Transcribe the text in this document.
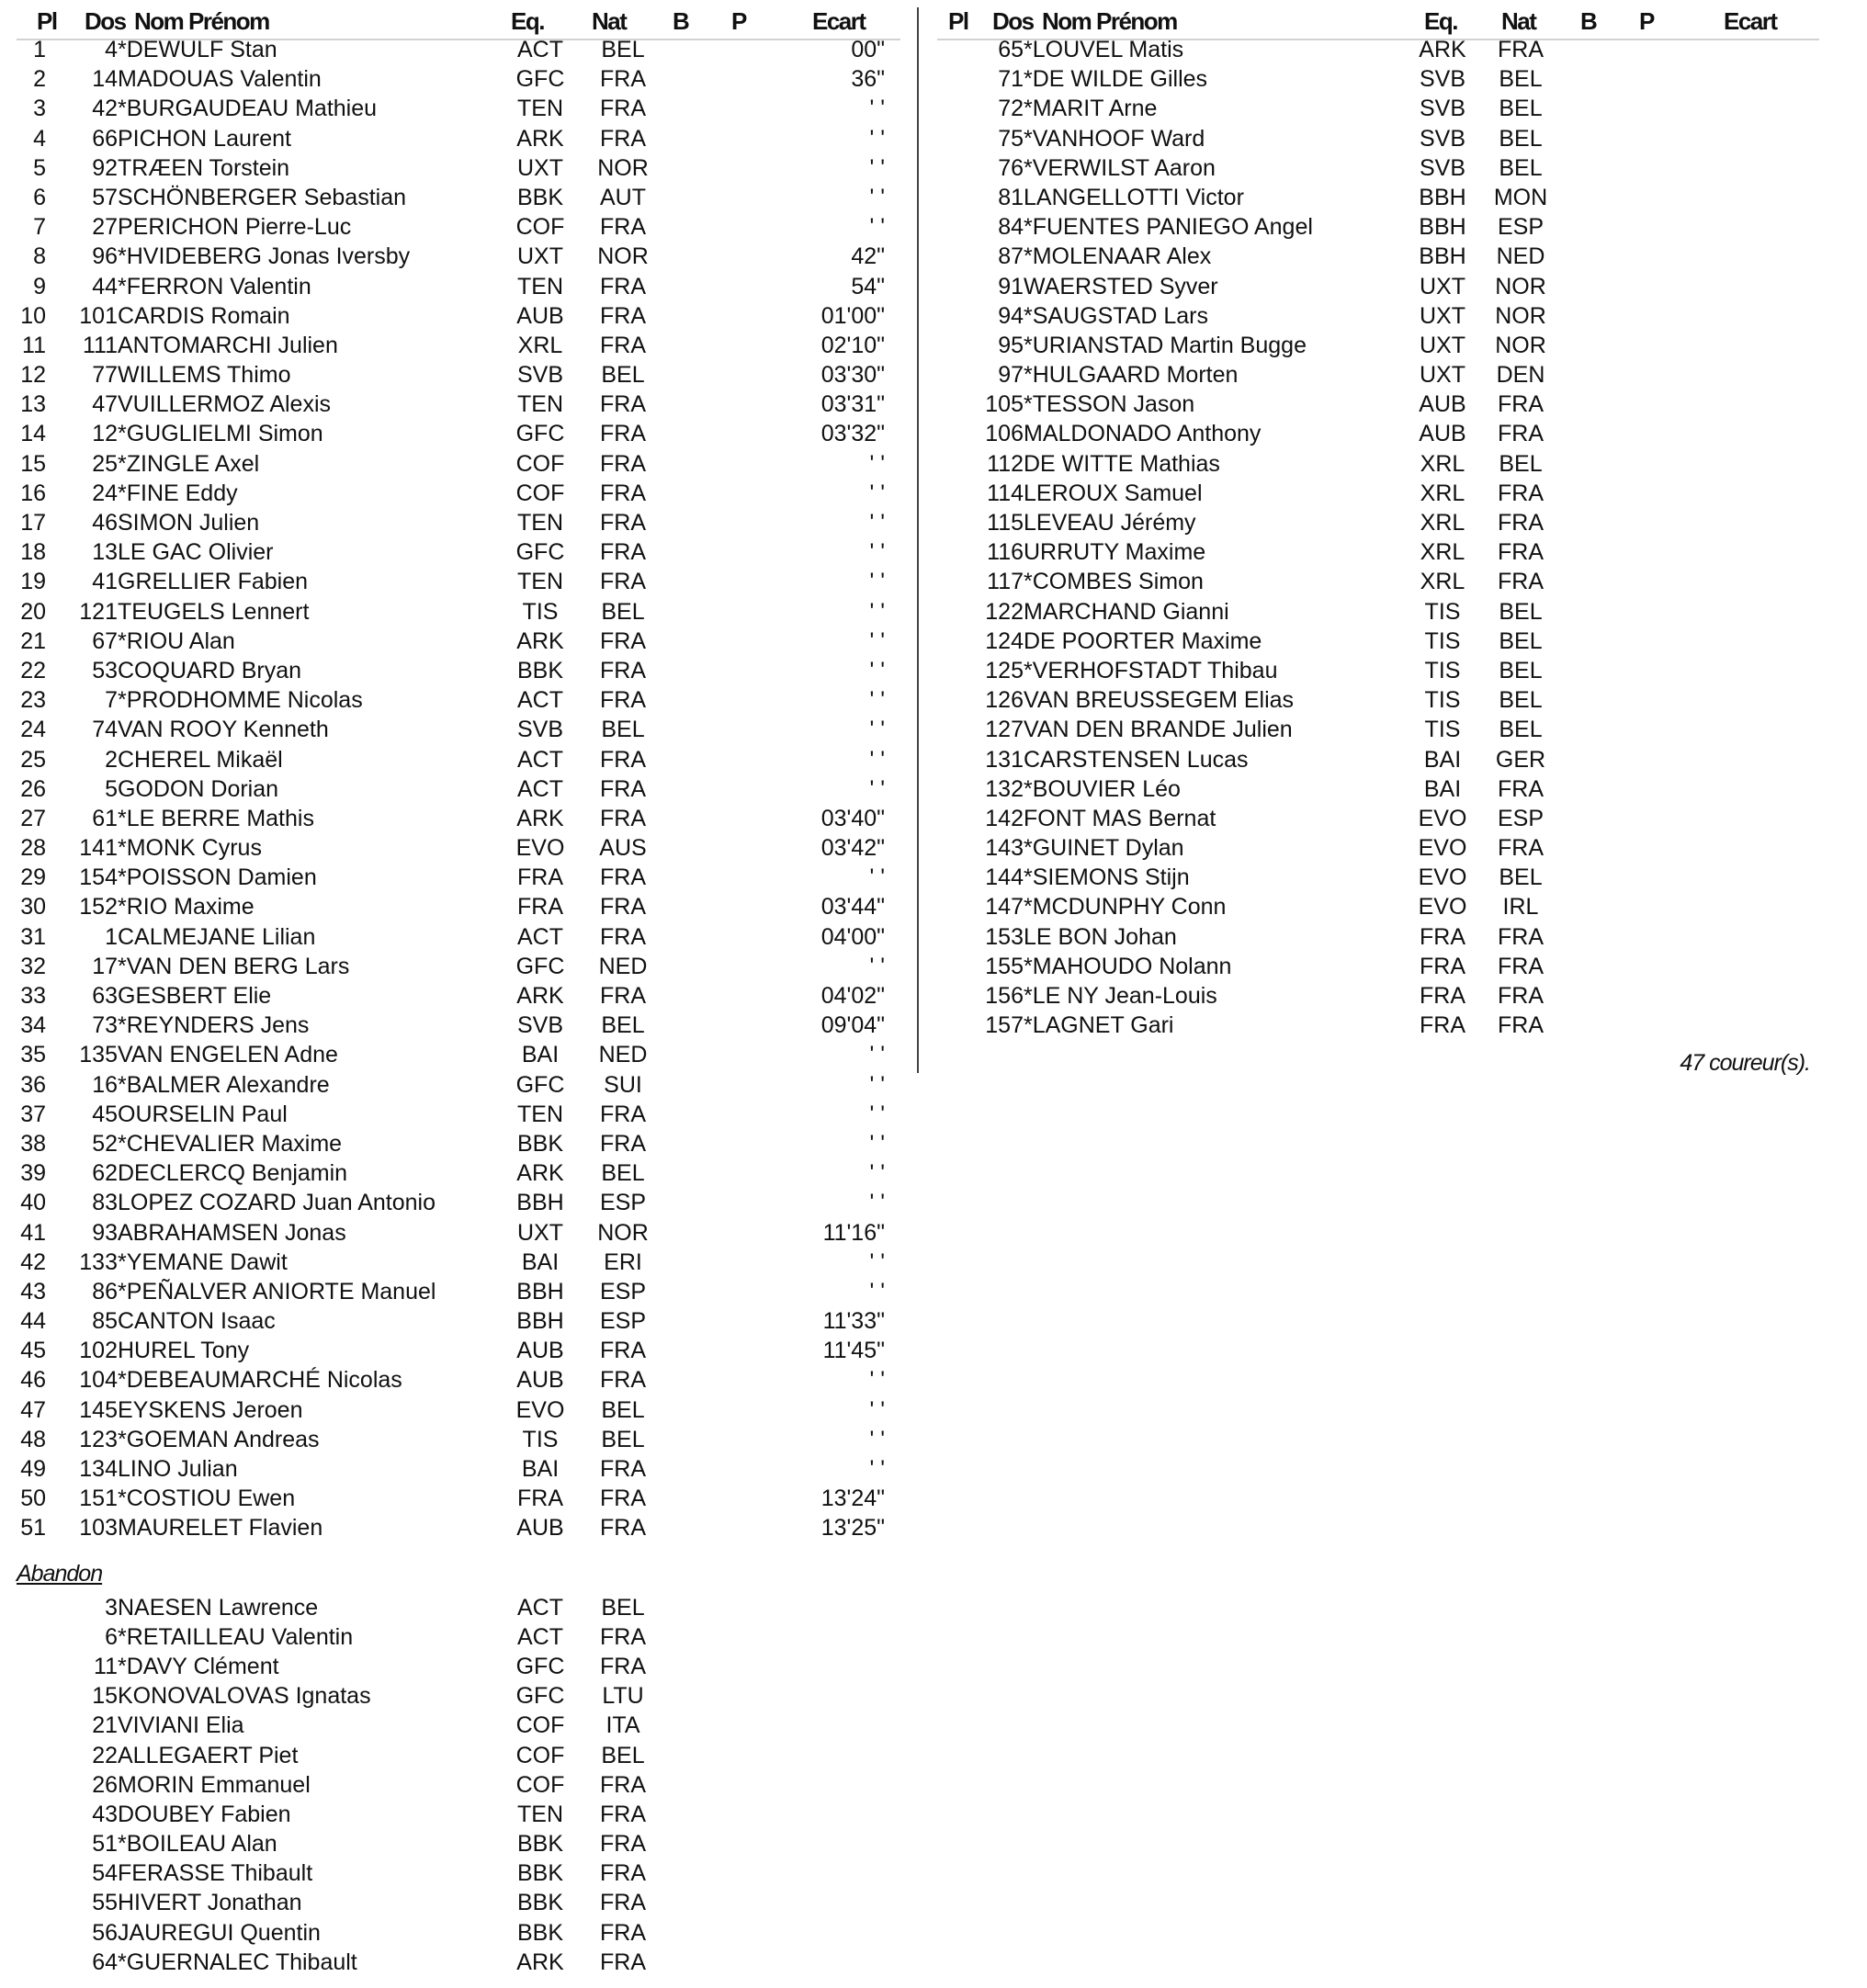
Pl Dos Nom Prénom	Eq. Nat B P	Ecart
1	4 *DEWULF Stan	ACT	BEL	00"
2	14 MADOUAS Valentin	GFC	FRA	36"
3	42 *BURGAUDEAU Mathieu	TEN	FRA	' '
4	66 PICHON Laurent	ARK	FRA	' '
5	92 TRÆEN Torstein	UXT	NOR	' '
6	57 SCHÖNBERGER Sebastian	BBK	AUT	' '
7	27 PERICHON Pierre-Luc	COF	FRA	' '
8	96 *HVIDEBERG Jonas Iversby	UXT	NOR	42"
9	44 *FERRON Valentin	TEN	FRA	54"
10	101 CARDIS Romain	AUB	FRA	01'00"
11	111 ANTOMARCHI Julien	XRL	FRA	02'10"
12	77 WILLEMS Thimo	SVB	BEL	03'30"
13	47 VUILLERMOZ Alexis	TEN	FRA	03'31"
14	12 *GUGLIELMI Simon	GFC	FRA	03'32"
15	25 *ZINGLE Axel	COF	FRA	' '
16	24 *FINE Eddy	COF	FRA	' '
17	46 SIMON Julien	TEN	FRA	' '
18	13 LE GAC Olivier	GFC	FRA	' '
19	41 GRELLIER Fabien	TEN	FRA	' '
20	121 TEUGELS Lennert	TIS	BEL	' '
21	67 *RIOU Alan	ARK	FRA	' '
22	53 COQUARD Bryan	BBK	FRA	' '
23	7 *PRODHOMME Nicolas	ACT	FRA	' '
24	74 VAN ROOY Kenneth	SVB	BEL	' '
25	2 CHEREL Mikaël	ACT	FRA	' '
26	5 GODON Dorian	ACT	FRA	' '
27	61 *LE BERRE Mathis	ARK	FRA	03'40"
28	141 *MONK Cyrus	EVO	AUS	03'42"
29	154 *POISSON Damien	FRA	FRA	' '
30	152 *RIO Maxime	FRA	FRA	03'44"
31	1 CALMEJANE Lilian	ACT	FRA	04'00"
32	17 *VAN DEN BERG Lars	GFC	NED	' '
33	63 GESBERT Elie	ARK	FRA	04'02"
34	73 *REYNDERS Jens	SVB	BEL	09'04"
35	135 VAN ENGELEN Adne	BAI	NED	' '
36	16 *BALMER Alexandre	GFC	SUI	' '
37	45 OURSELIN Paul	TEN	FRA	' '
38	52 *CHEVALIER Maxime	BBK	FRA	' '
39	62 DECLERCQ Benjamin	ARK	BEL	' '
40	83 LOPEZ COZARD Juan Antonio	BBH	ESP	' '
41	93 ABRAHAMSEN Jonas	UXT	NOR	11'16"
42	133 *YEMANE Dawit	BAI	ERI	' '
43	86 *PEÑALVER ANIORTE Manuel	BBH	ESP	' '
44	85 CANTON Isaac	BBH	ESP	11'33"
45	102 HUREL Tony	AUB	FRA	11'45"
46	104 *DEBEAUMARCHÉ Nicolas	AUB	FRA	' '
47	145 EYSKENS Jeroen	EVO	BEL	' '
48	123 *GOEMAN Andreas	TIS	BEL	' '
49	134 LINO Julian	BAI	FRA	' '
50	151 *COSTIOU Ewen	FRA	FRA	13'24"
51	103 MAURELET Flavien	AUB	FRA	13'25"
Abandon
3 NAESEN Lawrence	ACT	BEL
6 *RETAILLEAU Valentin	ACT	FRA
11 *DAVY Clément	GFC	FRA
15 KONOVALOVAS Ignatas	GFC	LTU
21 VIVIANI Elia	COF	ITA
22 ALLEGAERT Piet	COF	BEL
26 MORIN Emmanuel	COF	FRA
43 DOUBEY Fabien	TEN	FRA
51 *BOILEAU Alan	BBK	FRA
54 FERASSE Thibault	BBK	FRA
55 HIVERT Jonathan	BBK	FRA
56 JAUREGUI Quentin	BBK	FRA
64 *GUERNALEC Thibault	ARK	FRA

Pl Dos Nom Prénom	Eq. Nat B P	Ecart
65 *LOUVEL Matis	ARK	FRA
71 *DE WILDE Gilles	SVB	BEL
72 *MARIT Arne	SVB	BEL
75 *VANHOOF Ward	SVB	BEL
76 *VERWILST Aaron	SVB	BEL
81 LANGELLOTTI Victor	BBH	MON
84 *FUENTES PANIEGO Angel	BBH	ESP
87 *MOLENAAR Alex	BBH	NED
91 WAERSTED Syver	UXT	NOR
94 *SAUGSTAD Lars	UXT	NOR
95 *URIANSTAD Martin Bugge	UXT	NOR
97 *HULGAARD Morten	UXT	DEN
105 *TESSON Jason	AUB	FRA
106 MALDONADO Anthony	AUB	FRA
112 DE WITTE Mathias	XRL	BEL
114 LEROUX Samuel	XRL	FRA
115 LEVEAU Jérémy	XRL	FRA
116 URRUTY Maxime	XRL	FRA
117 *COMBES Simon	XRL	FRA
122 MARCHAND Gianni	TIS	BEL
124 DE POORTER Maxime	TIS	BEL
125 *VERHOFSTADT Thibau	TIS	BEL
126 VAN BREUSSEGEM Elias	TIS	BEL
127 VAN DEN BRANDE Julien	TIS	BEL
131 CARSTENSEN Lucas	BAI	GER
132 *BOUVIER Léo	BAI	FRA
142 FONT MAS Bernat	EVO	ESP
143 *GUINET Dylan	EVO	FRA
144 *SIEMONS Stijn	EVO	BEL
147 *MCDUNPHY Conn	EVO	IRL
153 LE BON Johan	FRA	FRA
155 *MAHOUDO Nolann	FRA	FRA
156 *LE NY Jean-Louis	FRA	FRA
157 *LAGNET Gari	FRA	FRA
47 coureur(s).
